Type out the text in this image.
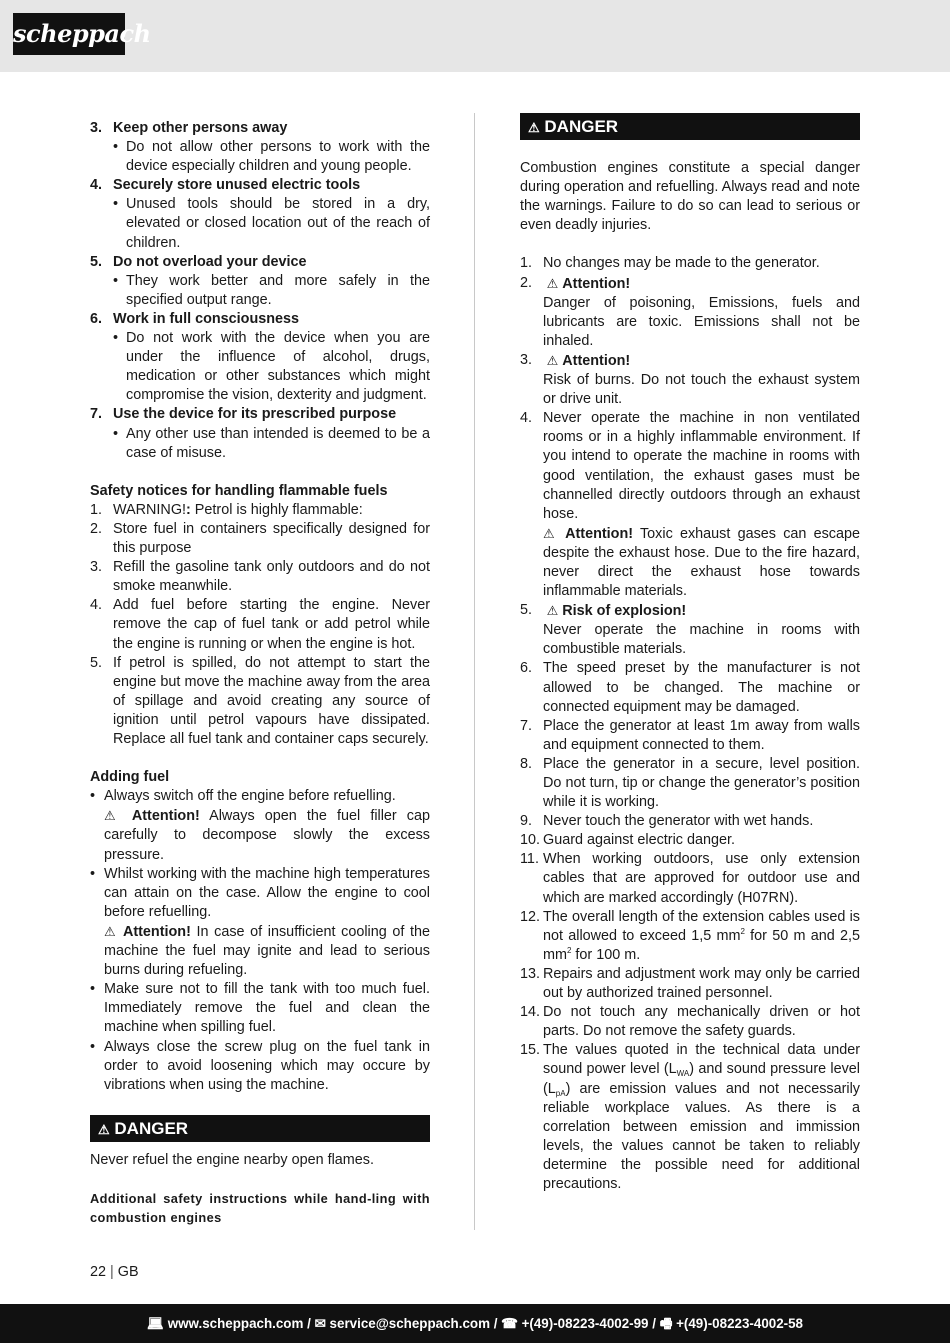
scheppach
3. Keep other persons away
• Do not allow other persons to work with the device especially children and young people.
4. Securely store unused electric tools
• Unused tools should be stored in a dry, elevated or closed location out of the reach of children.
5. Do not overload your device
• They work better and more safely in the specified output range.
6. Work in full consciousness
• Do not work with the device when you are under the influence of alcohol, drugs, medication or other substances which might compromise the vision, dexterity and judgment.
7. Use the device for its prescribed purpose
• Any other use than intended is deemed to be a case of misuse.
Safety notices for handling flammable fuels
1. WARNING!: Petrol is highly flammable:
2. Store fuel in containers specifically designed for this purpose
3. Refill the gasoline tank only outdoors and do not smoke meanwhile.
4. Add fuel before starting the engine. Never remove the cap of fuel tank or add petrol while the engine is running or when the engine is hot.
5. If petrol is spilled, do not attempt to start the engine but move the machine away from the area of spillage and avoid creating any source of ignition until petrol vapours have dissipated. Replace all fuel tank and container caps securely.
Adding fuel
• Always switch off the engine before refuelling.
⚠ Attention! Always open the fuel filler cap carefully to decompose slowly the excess pressure.
• Whilst working with the machine high temperatures can attain on the case. Allow the engine to cool before refuelling.
⚠ Attention! In case of insufficient cooling of the machine the fuel may ignite and lead to serious burns during refueling.
• Make sure not to fill the tank with too much fuel. Immediately remove the fuel and clean the machine when spilling fuel.
• Always close the screw plug on the fuel tank in order to avoid loosening which may occure by vibrations when using the machine.
⚠ DANGER
Never refuel the engine nearby open flames.
Additional safety instructions while hand-ling with combustion engines
⚠ DANGER
Combustion engines constitute a special danger during operation and refuelling. Always read and note the warnings. Failure to do so can lead to serious or even deadly injuries.
1. No changes may be made to the generator.
2. ⚠ Attention!
Danger of poisoning, Emissions, fuels and lubricants are toxic. Emissions shall not be inhaled.
3. ⚠ Attention!
Risk of burns. Do not touch the exhaust system or drive unit.
4. Never operate the machine in non ventilated rooms or in a highly inflammable environment. If you intend to operate the machine in rooms with good ventilation, the exhaust gases must be channelled directly outdoors through an exhaust hose.
⚠ Attention! Toxic exhaust gases can escape despite the exhaust hose. Due to the fire hazard, never direct the exhaust hose towards inflammable materials.
5. ⚠ Risk of explosion!
Never operate the machine in rooms with combustible materials.
6. The speed preset by the manufacturer is not allowed to be changed. The machine or connected equipment may be damaged.
7. Place the generator at least 1m away from walls and equipment connected to them.
8. Place the generator in a secure, level position. Do not turn, tip or change the generator’s position while it is working.
9. Never touch the generator with wet hands.
10. Guard against electric danger.
11. When working outdoors, use only extension cables that are approved for outdoor use and which are marked accordingly (H07RN).
12. The overall length of the extension cables used is not allowed to exceed 1,5 $mm^2$ for 50 m and 2,5 $mm^2$ for 100 m.
13. Repairs and adjustment work may only be carried out by authorized trained personnel.
14. Do not touch any mechanically driven or hot parts. Do not remove the safety guards.
15. The values quoted in the technical data under sound power level $(L_{WA})$ and sound pressure level $(L_{pA})$ are emission values and not necessarily reliable workplace values. As there is a correlation between emission and immission levels, the values cannot be taken to reliably determine the possible need for additional precautions.
22 | GB
💻︎ www.scheppach.com / ✉ service@scheppach.com / ☎ +(49)-08223-4002-99 / 🖷︎ +(49)-08223-4002-58
